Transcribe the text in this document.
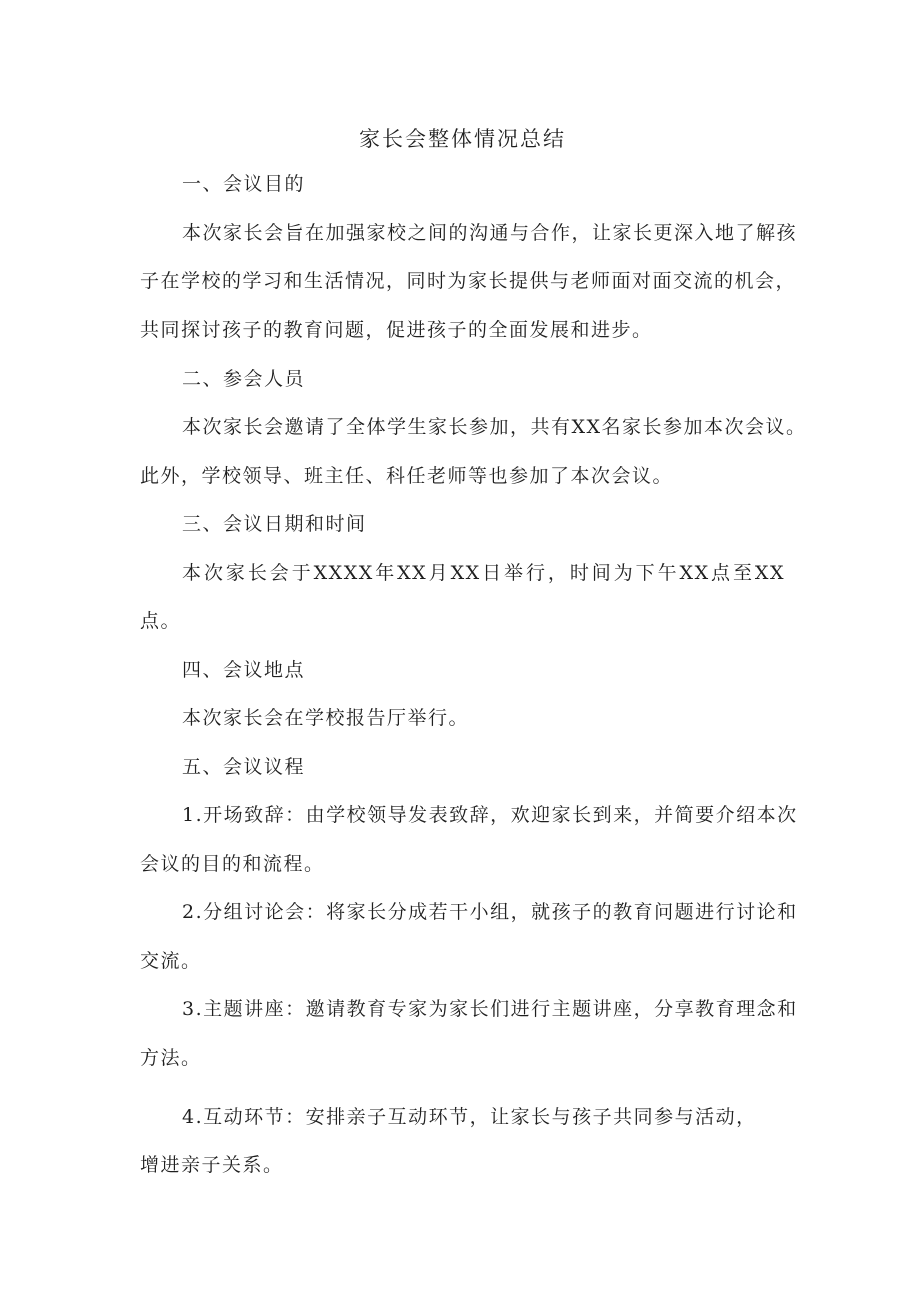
家长会整体情况总结
一、会议目的
本次家长会旨在加强家校之间的沟通与合作，让家长更深入地了解孩
子在学校的学习和生活情况，同时为家长提供与老师面对面交流的机会，
共同探讨孩子的教育问题，促进孩子的全面发展和进步。
二、参会人员
本次家长会邀请了全体学生家长参加，共有XX名家长参加本次会议。
此外，学校领导、班主任、科任老师等也参加了本次会议。
三、会议日期和时间
本次家长会于XXXX年XX月XX日举行，时间为下午XX点至XX
点。
四、会议地点
本次家长会在学校报告厅举行。
五、会议议程
1.开场致辞：由学校领导发表致辞，欢迎家长到来，并简要介绍本次
会议的目的和流程。
2.分组讨论会：将家长分成若干小组，就孩子的教育问题进行讨论和
交流。
3.主题讲座：邀请教育专家为家长们进行主题讲座，分享教育理念和
方法。
4.互动环节：安排亲子互动环节，让家长与孩子共同参与活动，
增进亲子关系。
